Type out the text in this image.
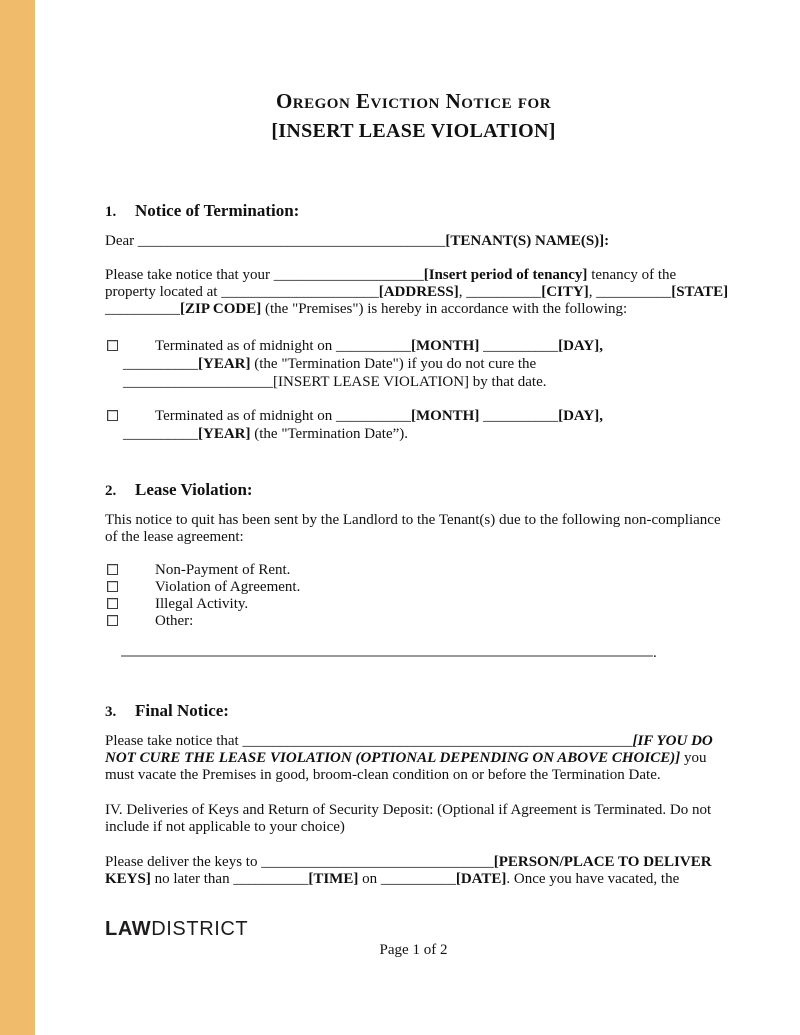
Oregon Eviction Notice for
[INSERT LEASE VIOLATION]
1. Notice of Termination:
Dear _________________________________________[TENANT(S) NAME(S)]:
Please take notice that your ____________________[Insert period of tenancy] tenancy of the
property located at _____________________[ADDRESS], __________[CITY], __________[STATE]
__________[ZIP CODE] (the "Premises") is hereby in accordance with the following:
Terminated as of midnight on __________[MONTH] __________[DAY],
__________[YEAR] (the "Termination Date") if you do not cure the
____________________[INSERT LEASE VIOLATION] by that date.
Terminated as of midnight on __________[MONTH] __________[DAY],
__________[YEAR] (the "Termination Date”).
2. Lease Violation:
This notice to quit has been sent by the Landlord to the Tenant(s) due to the following non-compliance
of the lease agreement:
Non-Payment of Rent.
Violation of Agreement.
Illegal Activity.
Other:
.
3. Final Notice:
Please take notice that ____________________________________________________[IF YOU DO
NOT CURE THE LEASE VIOLATION (OPTIONAL DEPENDING ON ABOVE CHOICE)] you
must vacate the Premises in good, broom-clean condition on or before the Termination Date.
IV. Deliveries of Keys and Return of Security Deposit: (Optional if Agreement is Terminated. Do not
include if not applicable to your choice)
Please deliver the keys to _______________________________[PERSON/PLACE TO DELIVER
KEYS] no later than __________[TIME] on __________[DATE]. Once you have vacated, the
LAWDISTRICT
Page 1 of 2
